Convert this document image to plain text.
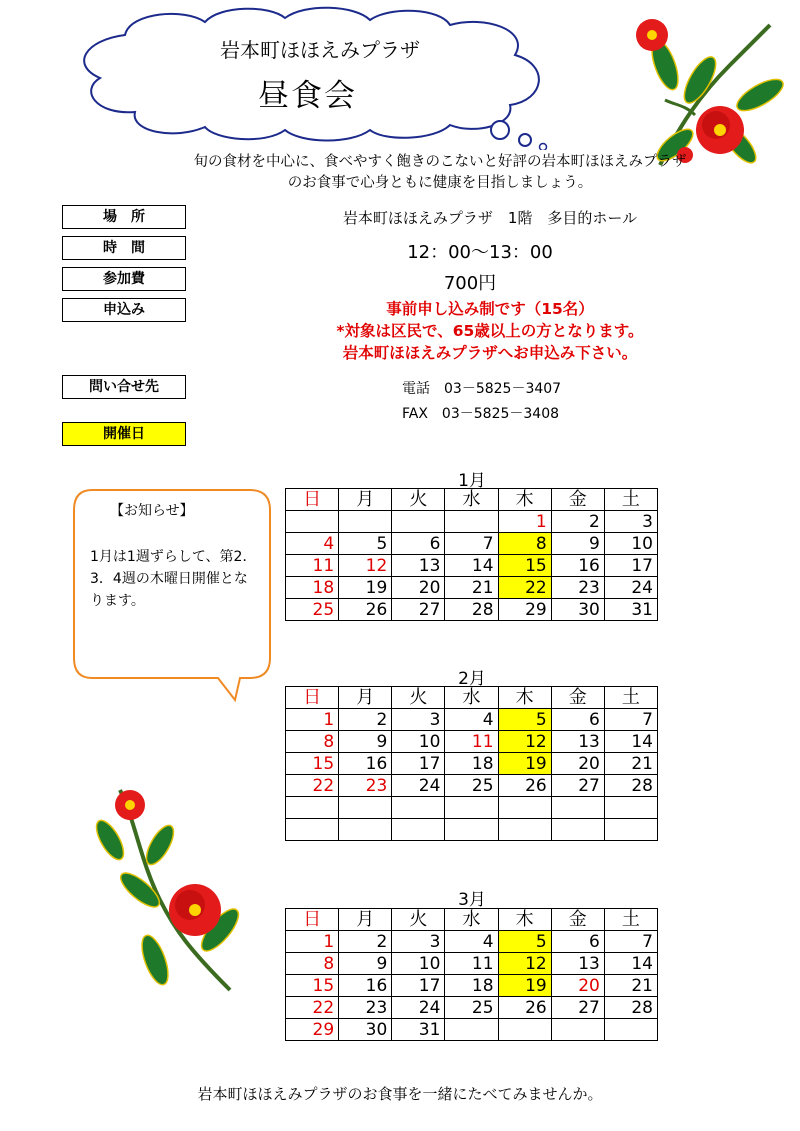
岩本町ほほえみプラザ
昼食会
旬の食材を中心に、食べやすく飽きのこないと好評の岩本町ほほえみプラザ
のお食事で心身ともに健康を目指しましょう。
場　所	岩本町ほほえみプラザ　1階　多目的ホール
時　間	12：00～13：00
参加費	700円
申込み	事前申し込み制です（15名）
*対象は区民で、65歳以上の方となります。
岩本町ほほえみプラザへお申込み下さい。
問い合せ先	電話　03－5825－3407
FAX　03－5825－3408
開催日
【お知らせ】
1月は1週ずらして、第2．3．4週の木曜日開催となります。
1月
日	月	火	水	木	金	土
				1	2	3
4	5	6	7	8	9	10
11	12	13	14	15	16	17
18	19	20	21	22	23	24
25	26	27	28	29	30	31
2月
日	月	火	水	木	金	土
1	2	3	4	5	6	7
8	9	10	11	12	13	14
15	16	17	18	19	20	21
22	23	24	25	26	27	28

3月
日	月	火	水	木	金	土
1	2	3	4	5	6	7
8	9	10	11	12	13	14
15	16	17	18	19	20	21
22	23	24	25	26	27	28
29	30	31				
岩本町ほほえみプラザのお食事を一緒にたべてみませんか。
